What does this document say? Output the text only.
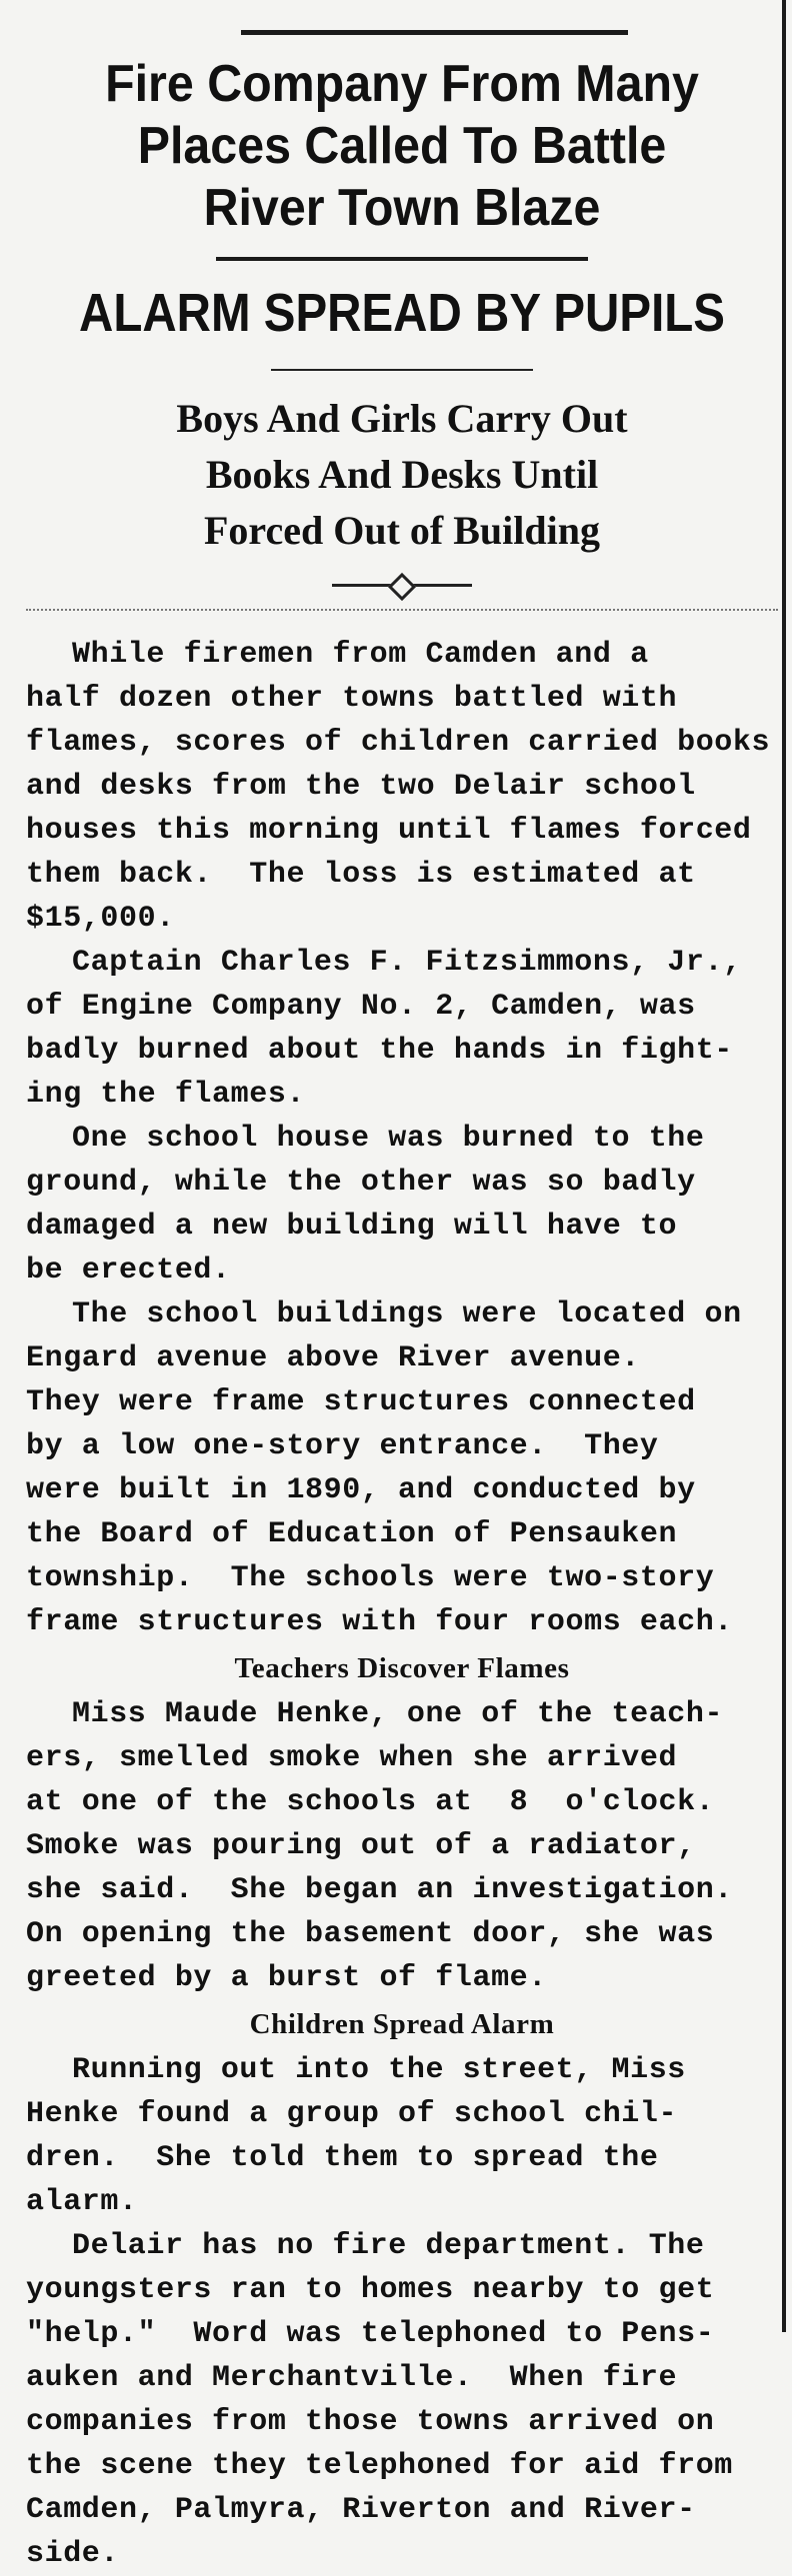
Fire Company From Many
Places Called To Battle
River Town Blaze
ALARM SPREAD BY PUPILS
Boys And Girls Carry Out
Books And Desks Until
Forced Out of Building
While firemen from Camden and a
half dozen other towns battled with
flames, scores of children carried books
and desks from the two Delair school
houses this morning until flames forced
them back.  The loss is estimated at
$15,000.
Captain Charles F. Fitzsimmons, Jr.,
of Engine Company No. 2, Camden, was
badly burned about the hands in fight-
ing the flames.
One school house was burned to the
ground, while the other was so badly
damaged a new building will have to
be erected.
The school buildings were located on
Engard avenue above River avenue.
They were frame structures connected
by a low one-story entrance.  They
were built in 1890, and conducted by
the Board of Education of Pensauken
township.  The schools were two-story
frame structures with four rooms each.
Teachers Discover Flames
Miss Maude Henke, one of the teach-
ers, smelled smoke when she arrived
at one of the schools at  8  o'clock.
Smoke was pouring out of a radiator,
she said.  She began an investigation.
On opening the basement door, she was
greeted by a burst of flame.
Children Spread Alarm
Running out into the street, Miss
Henke found a group of school chil-
dren.  She told them to spread the
alarm.
Delair has no fire department. The
youngsters ran to homes nearby to get
"help."  Word was telephoned to Pens-
auken and Merchantville.  When fire
companies from those towns arrived on
the scene they telephoned for aid from
Camden, Palmyra, Riverton and River-
side.
